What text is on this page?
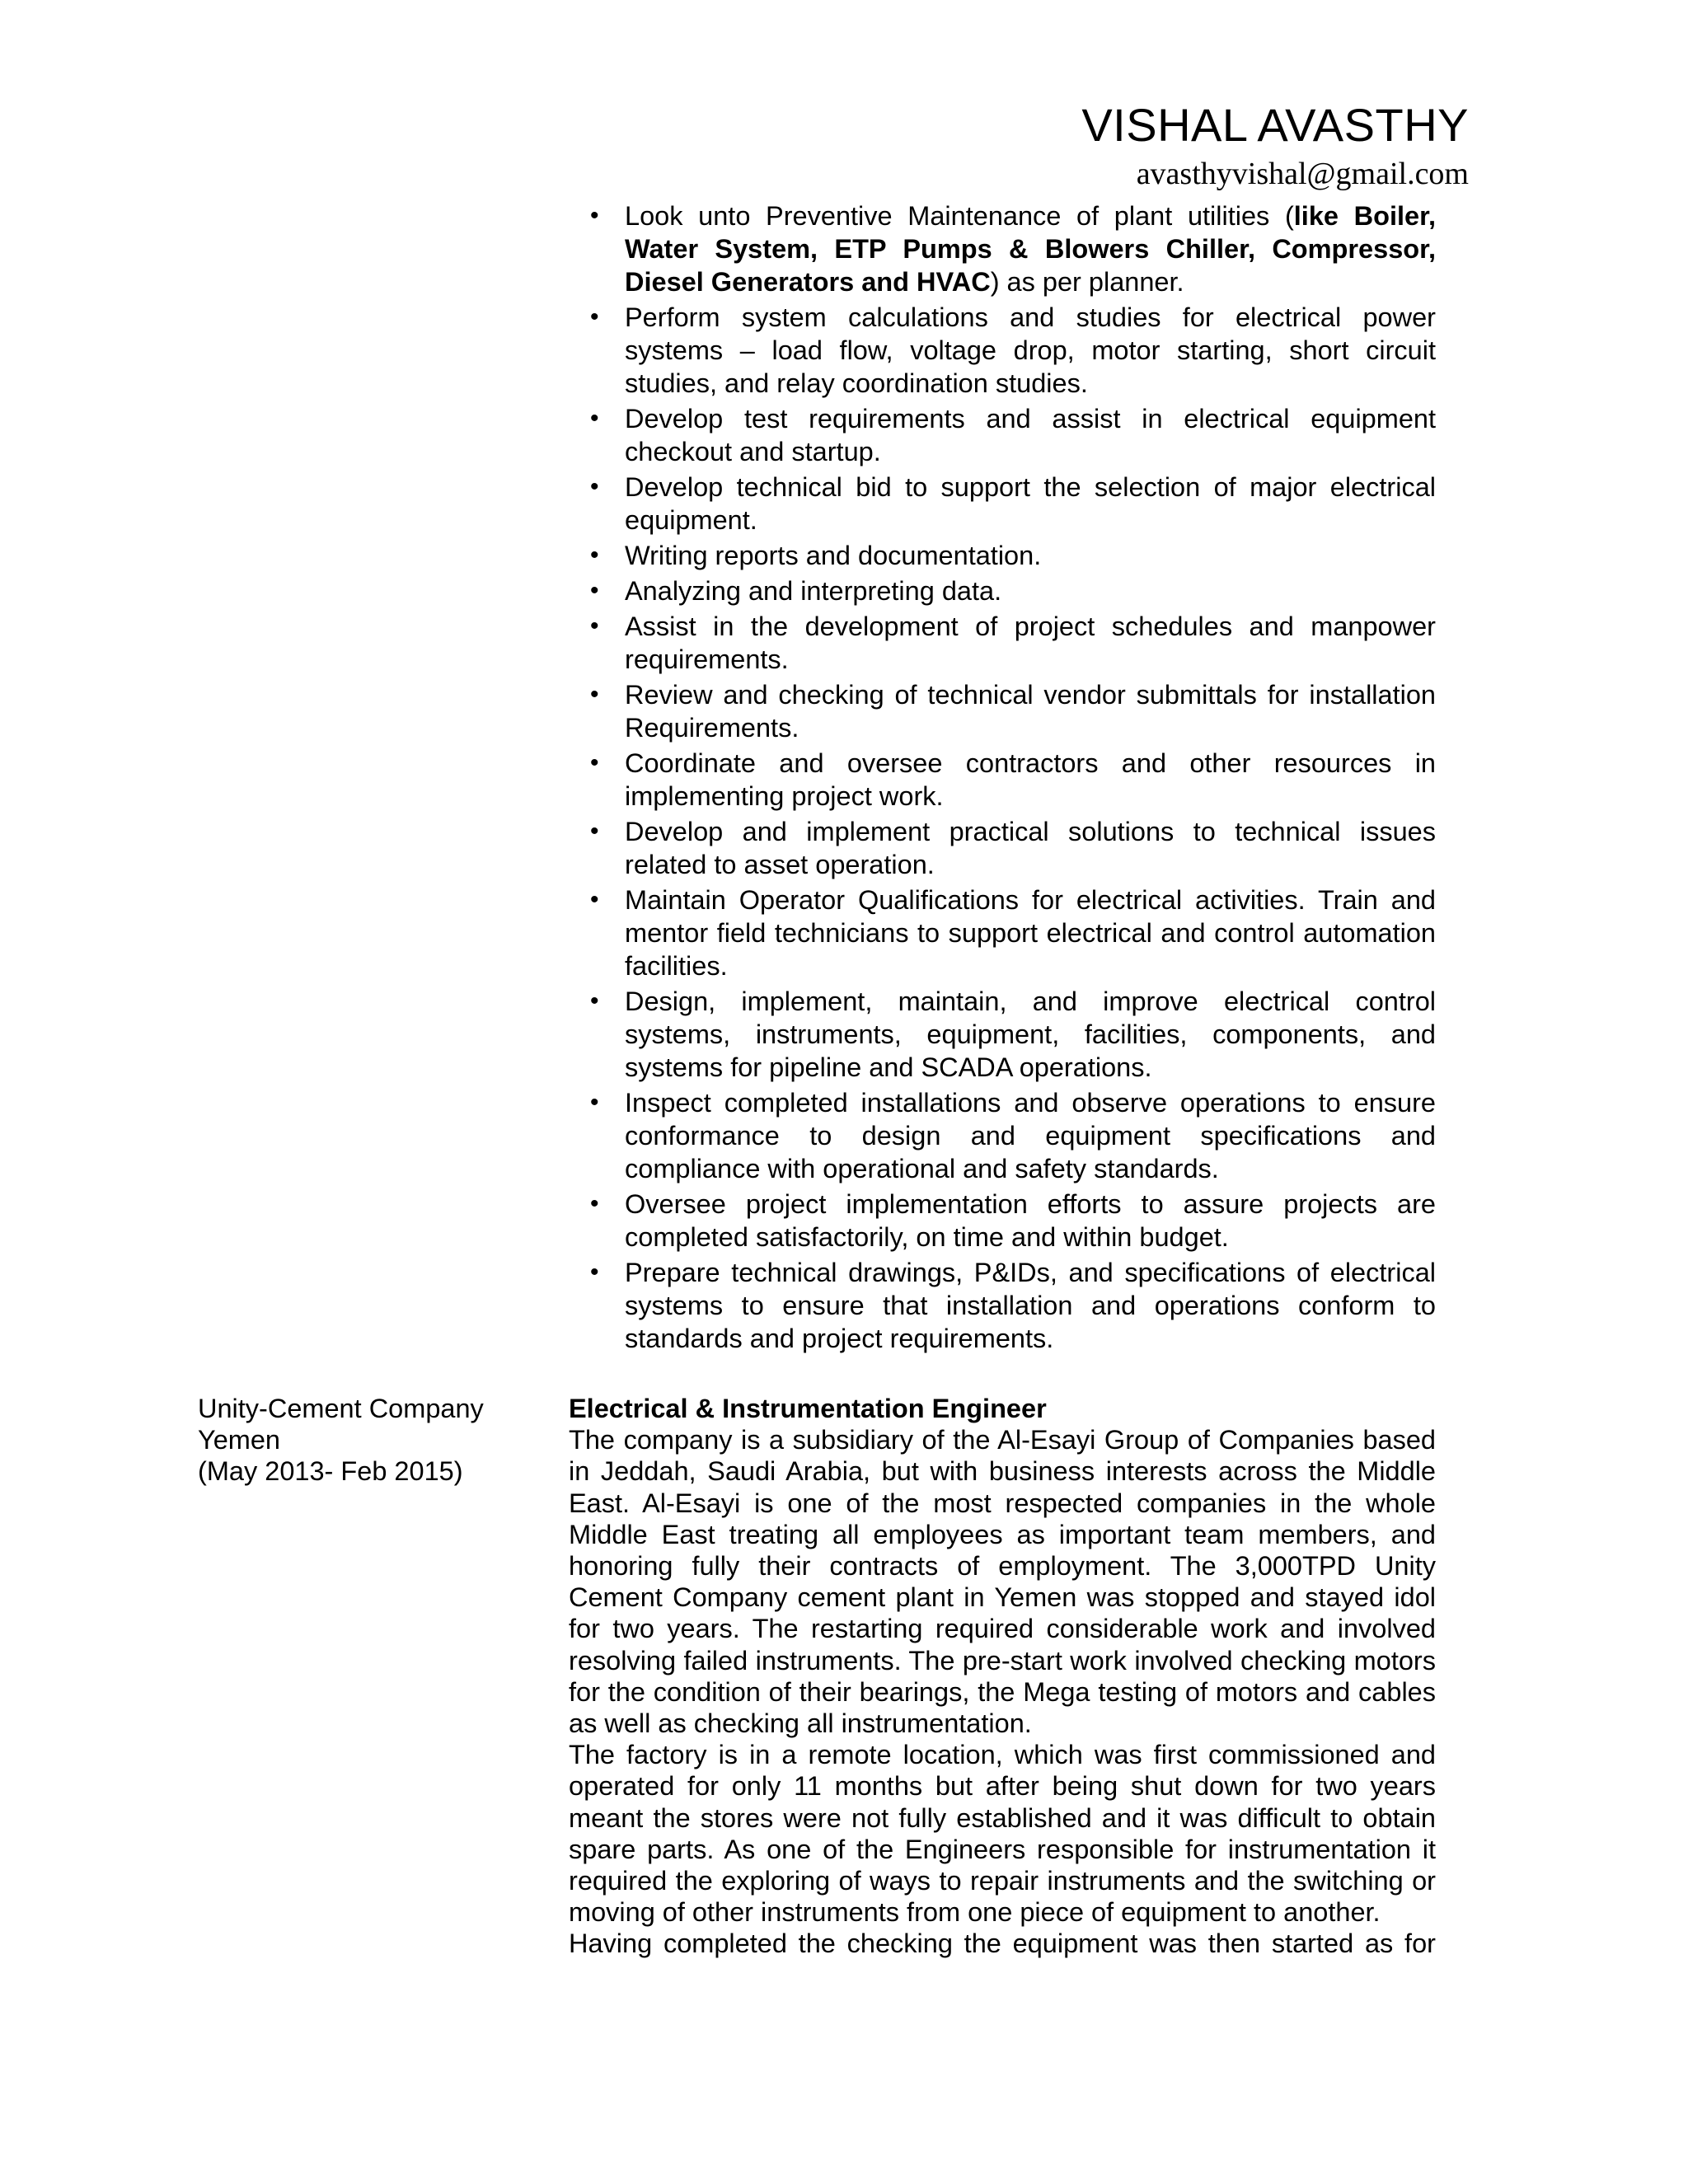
VISHAL AVASTHY
avasthyvishal@gmail.com
• Look unto Preventive Maintenance of plant utilities (like Boiler, Water System, ETP Pumps & Blowers Chiller, Compressor, Diesel Generators and HVAC) as per planner.
• Perform system calculations and studies for electrical power systems – load flow, voltage drop, motor starting, short circuit studies, and relay coordination studies.
• Develop test requirements and assist in electrical equipment checkout and startup.
• Develop technical bid to support the selection of major electrical equipment.
• Writing reports and documentation.
• Analyzing and interpreting data.
• Assist in the development of project schedules and manpower requirements.
• Review and checking of technical vendor submittals for installation Requirements.
• Coordinate and oversee contractors and other resources in implementing project work.
• Develop and implement practical solutions to technical issues related to asset operation.
• Maintain Operator Qualifications for electrical activities. Train and mentor field technicians to support electrical and control automation facilities.
• Design, implement, maintain, and improve electrical control systems, instruments, equipment, facilities, components, and systems for pipeline and SCADA operations.
• Inspect completed installations and observe operations to ensure conformance to design and equipment specifications and compliance with operational and safety standards.
• Oversee project implementation efforts to assure projects are completed satisfactorily, on time and within budget.
• Prepare technical drawings, P&IDs, and specifications of electrical systems to ensure that installation and operations conform to standards and project requirements.
Unity-Cement Company
Yemen
(May 2013- Feb 2015)
Electrical & Instrumentation Engineer

The company is a subsidiary of the Al-Esayi Group of Companies based in Jeddah, Saudi Arabia, but with business interests across the Middle East. Al-Esayi is one of the most respected companies in the whole Middle East treating all employees as important team members, and honoring fully their contracts of employment. The 3,000TPD Unity Cement Company cement plant in Yemen was stopped and stayed idol for two years. The restarting required considerable work and involved resolving failed instruments. The pre-start work involved checking motors for the condition of their bearings, the Mega testing of motors and cables as well as checking all instrumentation.

The factory is in a remote location, which was first commissioned and operated for only 11 months but after being shut down for two years meant the stores were not fully established and it was difficult to obtain spare parts. As one of the Engineers responsible for instrumentation it required the exploring of ways to repair instruments and the switching or moving of other instruments from one piece of equipment to another.

Having completed the checking the equipment was then started as for
